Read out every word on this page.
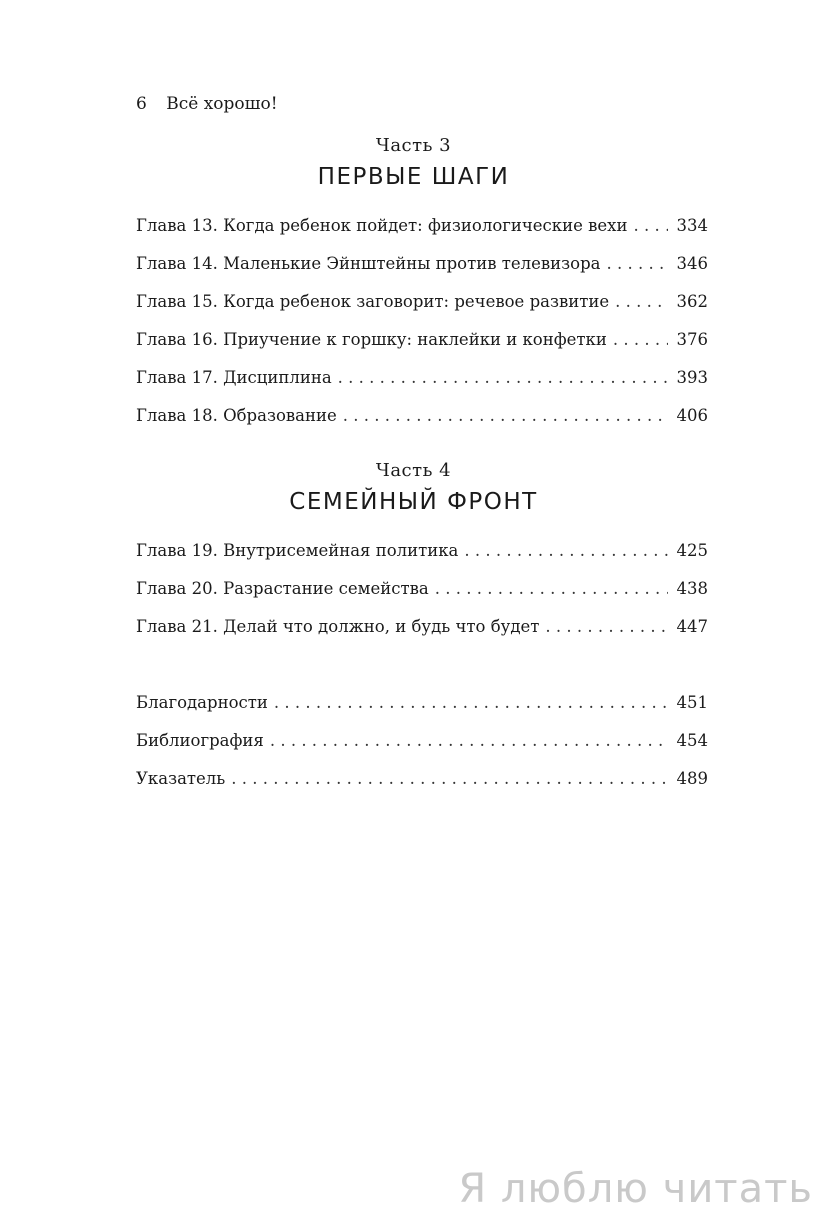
6 Всё хорошо!
Часть 3
ПЕРВЫЕ ШАГИ
Глава 13. Когда ребенок пойдет: физиологические вехи . . .	334
Глава 14. Маленькие Эйнштейны против телевизора . . .	346
Глава 15. Когда ребенок заговорит: речевое развитие . . .	362
Глава 16. Приучение к горшку: наклейки и конфетки . . .	376
Глава 17. Дисциплина . . .	393
Глава 18. Образование . . .	406
Часть 4
СЕМЕЙНЫЙ ФРОНТ
Глава 19. Внутрисемейная политика . . .	425
Глава 20. Разрастание семейства . . .	438
Глава 21. Делай что должно, и будь что будет . . .	447
Благодарности . . .	451
Библиография . . .	454
Указатель . . .	489
Я люблю читать
